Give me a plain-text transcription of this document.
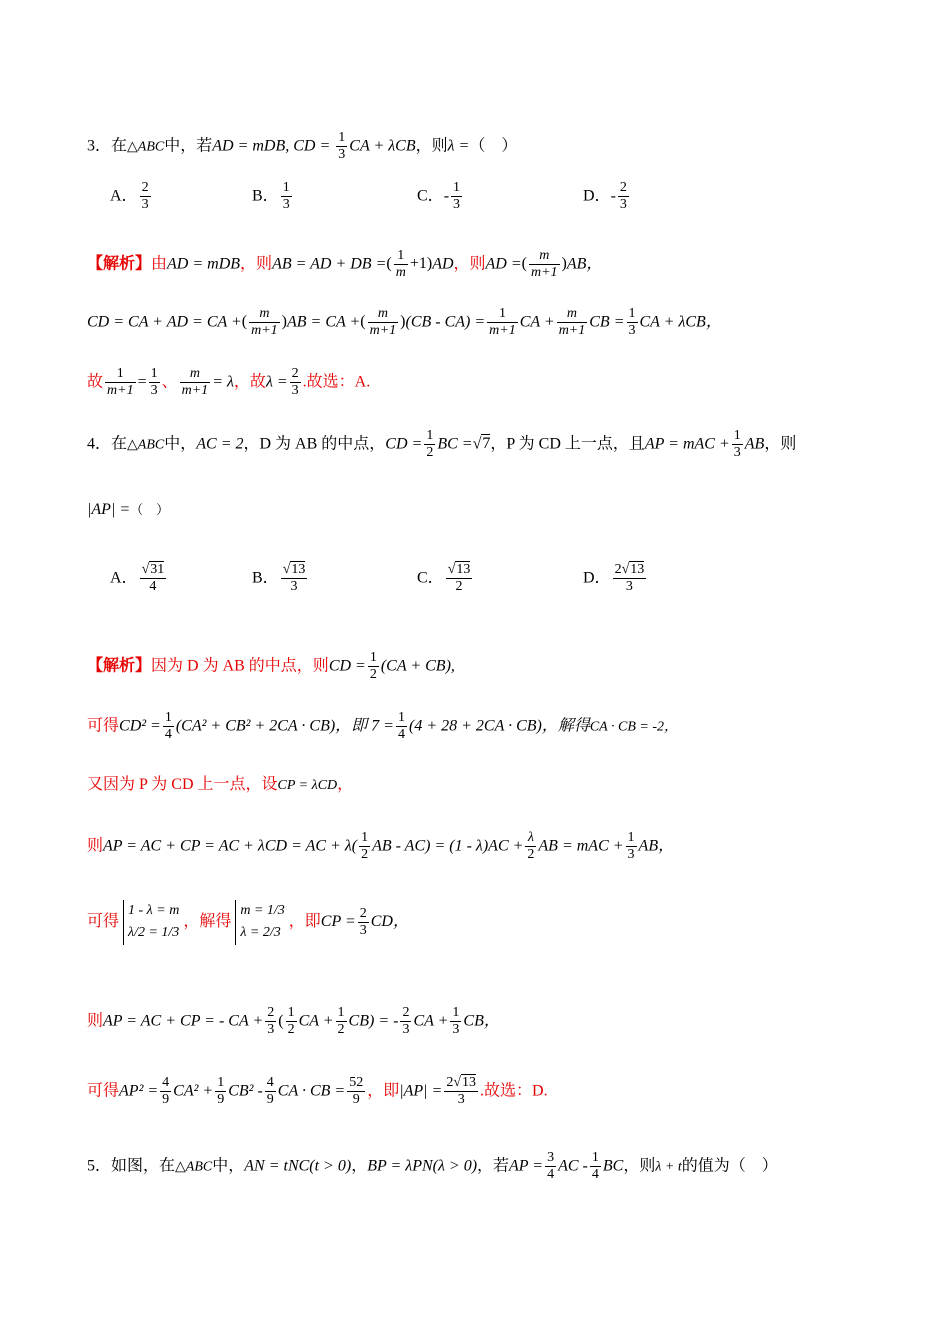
3．在△ABC中，若AD = mDB, CD = $\frac{1}{3}$ CA + λCB，则λ =（　）
A． $\frac{2}{3}$	B． $\frac{1}{3}$	C．- $\frac{1}{3}$	D．- $\frac{2}{3}$
【解析】由AD = mDB，则AB = AD + DB =( $\frac{1}{m} +1)AD$，则AD =( $\frac{m}{m+1} )AB$，
CD = CA + AD = CA +( $\frac{m}{m+1} )AB$ = CA +( $\frac{m}{m+1} )(CB - CA) = \frac{1}{m+1}$ CA + $\frac{m}{m+1}$ CB = $\frac{1}{3}$ CA + λCB，
故 $\frac{1}{m+1} = \frac{1}{3}$ 、 $\frac{m}{m+1} = \lambda$，故$\lambda = \frac{2}{3}$ .故选：A.
4．在△ABC中，AC = 2，D 为 AB 的中点，CD = $\frac{1}{2}$ BC =√7，P 为 CD 上一点，且AP = mAC + $\frac{1}{3}$ AB，则
|AP| =（　）
A． $\frac{√31}{4}$	B． $\frac{√13}{3}$	C． $\frac{√13}{2}$	D． $\frac{2√13}{3}$
【解析】因为 D 为 AB 的中点，则CD = $\frac{1}{2} (CA + CB)$,
可得$CD^2 = \frac{1}{4} (CA^2 + CB^2 + 2CA \cdot CB)$，即 $7 = \frac{1}{4} (4 + 28 + 2CA \cdot CB)$，解得CA · CB = -2，
又因为 P 为 CD 上一点，设CP = λCD，
则AP = AC + CP = AC + λCD = AC + $\lambda( \frac{1}{2}$ AB - $AC) = (1 - \lambda)AC + \frac{\lambda}{2}$ AB = mAC + $\frac{1}{3}$ AB，
可得
1 - λ = m
λ/2 = 1/3
，解得
m = 1/3
λ = 2/3
，即CP = $\frac{2}{3}$ CD，
则AP = AC + CP = - CA + $\frac{2}{3}$ ( $\frac{1}{2}$ CA + $\frac{1}{2} CB$) = - $\frac{2}{3}$ CA + $\frac{1}{3}$ CB，
可得$AP^2 = \frac{4}{9} CA^2 + \frac{1}{9} CB^2 - \frac{4}{9}$ CA · CB = $\frac{52}{9}$ ，即$|AP| = \frac{2√13}{3}$ .故选：D.
5．如图，在△ABC中，AN = tNC(t > 0)，BP = λPN(λ > 0)，若AP = $\frac{3}{4}$ AC - $\frac{1}{4}$ BC，则λ + t的值为（　）
